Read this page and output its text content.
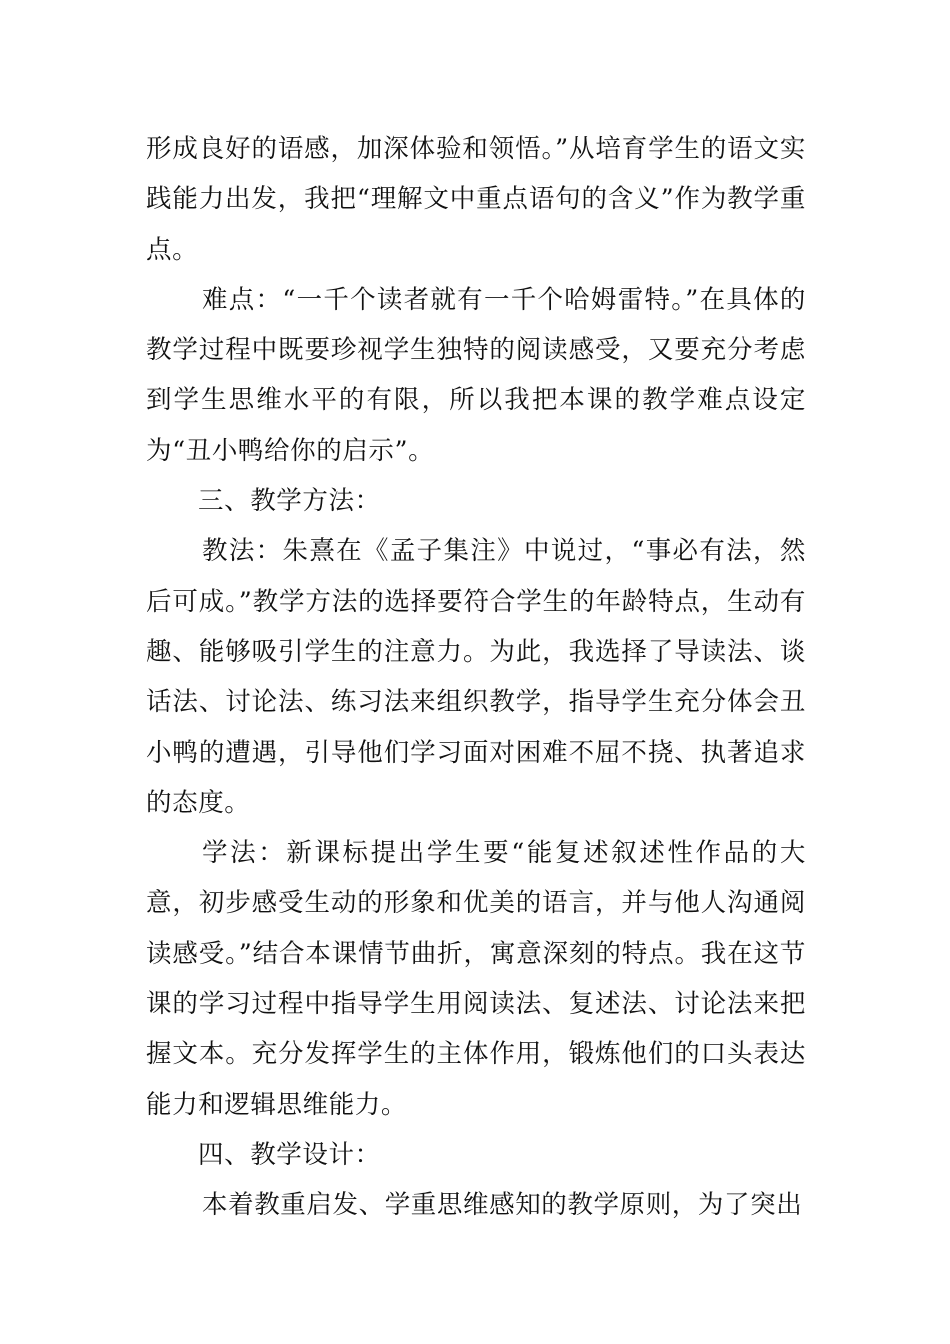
形成良好的语感，加深体验和领悟。”从培育学生的语文实践能力出发，我把“理解文中重点语句的含义”作为教学重点。

难点：“一千个读者就有一千个哈姆雷特。”在具体的教学过程中既要珍视学生独特的阅读感受，又要充分考虑到学生思维水平的有限，所以我把本课的教学难点设定为“丑小鸭给你的启示”。

三、教学方法：

教法：朱熹在《孟子集注》中说过，“事必有法，然后可成。”教学方法的选择要符合学生的年龄特点，生动有趣、能够吸引学生的注意力。为此，我选择了导读法、谈话法、讨论法、练习法来组织教学，指导学生充分体会丑小鸭的遭遇，引导他们学习面对困难不屈不挠、执著追求的态度。

学法：新课标提出学生要“能复述叙述性作品的大意，初步感受生动的形象和优美的语言，并与他人沟通阅读感受。”结合本课情节曲折，寓意深刻的特点。我在这节课的学习过程中指导学生用阅读法、复述法、讨论法来把握文本。充分发挥学生的主体作用，锻炼他们的口头表达能力和逻辑思维能力。

四、教学设计：

本着教重启发、学重思维感知的教学原则，为了突出
